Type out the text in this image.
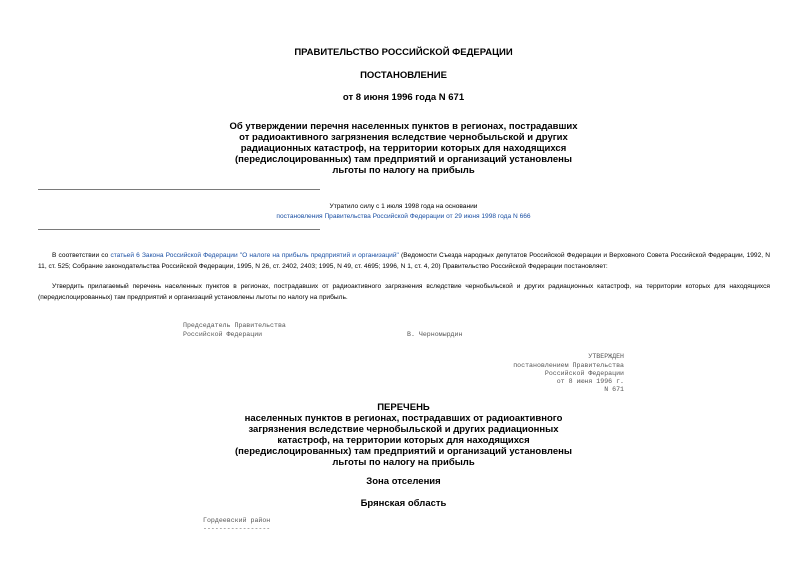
ПРАВИТЕЛЬСТВО РОССИЙСКОЙ ФЕДЕРАЦИИ
ПОСТАНОВЛЕНИЕ
от 8 июня 1996 года N 671
Об утверждении перечня населенных пунктов в регионах, пострадавших
от радиоактивного загрязнения вследствие чернобыльской и других
радиационных катастроф, на территории которых для находящихся
(передислоцированных) там предприятий и организаций установлены
льготы по налогу на прибыль
Утратило силу с 1 июля 1998 года на основании
постановления Правительства Российской Федерации от 29 июня 1998 года N 666
В соответствии со статьей 6 Закона Российской Федерации "О налоге на прибыль предприятий и организаций" (Ведомости Съезда народных депутатов Российской Федерации и Верховного Совета Российской Федерации, 1992, N 11, ст. 525; Собрание законодательства Российской Федерации, 1995, N 26, ст. 2402, 2403; 1995, N 49, ст. 4695; 1996, N 1, ст. 4, 20) Правительство Российской Федерации постановляет:
Утвердить прилагаемый перечень населенных пунктов в регионах, пострадавших от радиоактивного загрязнения вследствие чернобыльской и других радиационных катастроф, на территории которых для находящихся (передислоцированных) там предприятий и организаций установлены льготы по налогу на прибыль.
Председатель Правительства
Российской Федерации	В. Черномырдин
УТВЕРЖДЕН
постановлением Правительства
Российской Федерации
от 8 июня 1996 г.
N 671
ПЕРЕЧЕНЬ
населенных пунктов в регионах, пострадавших от радиоактивного
загрязнения вследствие чернобыльской и других радиационных
катастроф, на территории которых для находящихся
(передислоцированных) там предприятий и организаций установлены
льготы по налогу на прибыль
Зона отселения
Брянская область
Гордеевский район
-----------------
